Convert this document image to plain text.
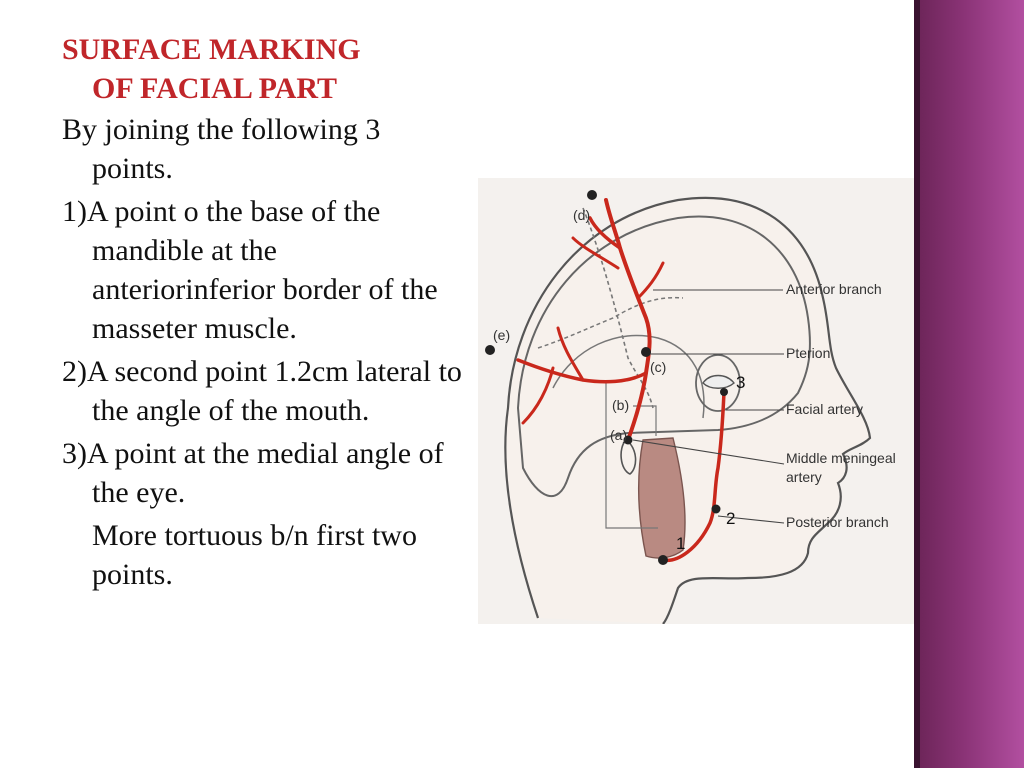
SURFACE MARKING
OF FACIAL PART

By joining the following 3 points.

1)A point o the base of the mandible at the anteriorinferior border of the masseter muscle.

2)A second point 1.2cm lateral to the angle of the mouth.

3)A point at the medial angle of the eye.

More tortuous b/n first two points.

(d)
(e)
(c)
(b)
(a)
Anterior branch
Pterion
Facial artery
Middle meningeal
artery
Posterior branch
1
2
3
